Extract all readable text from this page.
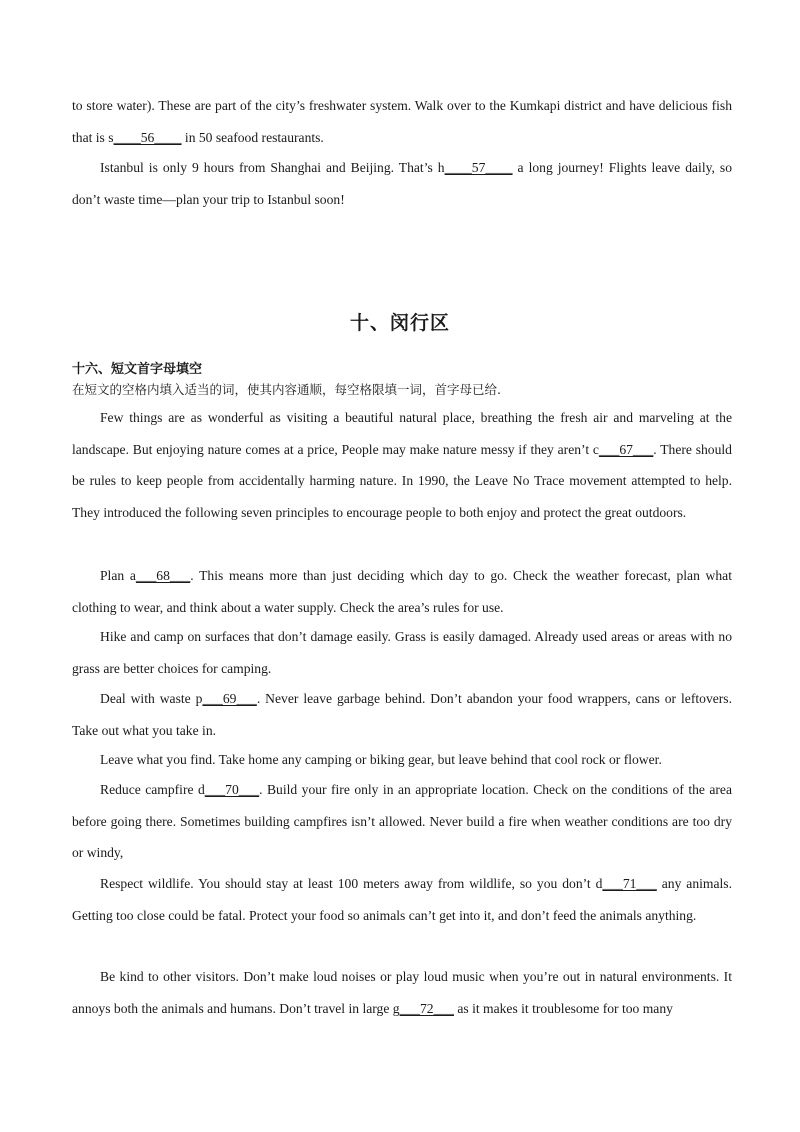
to store water). These are part of the city’s freshwater system. Walk over to the Kumkapi district and have delicious fish that is s____56____ in 50 seafood restaurants.

Istanbul is only 9 hours from Shanghai and Beijing. That’s h____57____ a long journey! Flights leave daily, so don’t waste time—plan your trip to Istanbul soon!

十、闵行区
十六、短文首字母填空
在短文的空格内填入适当的词，使其内容通顺，每空格限填一词，首字母已给.

Few things are as wonderful as visiting a beautiful natural place, breathing the fresh air and marveling at the landscape. But enjoying nature comes at a price, People may make nature messy if they aren’t c___67___. There should be rules to keep people from accidentally harming nature. In 1990, the Leave No Trace movement attempted to help. They introduced the following seven principles to encourage people to both enjoy and protect the great outdoors.

Plan a___68___. This means more than just deciding which day to go. Check the weather forecast, plan what clothing to wear, and think about a water supply. Check the area’s rules for use.

Hike and camp on surfaces that don’t damage easily. Grass is easily damaged. Already used areas or areas with no grass are better choices for camping.

Deal with waste p___69___. Never leave garbage behind. Don’t abandon your food wrappers, cans or leftovers. Take out what you take in.

Leave what you find. Take home any camping or biking gear, but leave behind that cool rock or flower.

Reduce campfire d___70___. Build your fire only in an appropriate location. Check on the conditions of the area before going there. Sometimes building campfires isn’t allowed. Never build a fire when weather conditions are too dry or windy,

Respect wildlife. You should stay at least 100 meters away from wildlife, so you don’t d___71___ any animals. Getting too close could be fatal. Protect your food so animals can’t get into it, and don’t feed the animals anything.

Be kind to other visitors. Don’t make loud noises or play loud music when you’re out in natural environments. It annoys both the animals and humans. Don’t travel in large g___72___ as it makes it troublesome for too many
